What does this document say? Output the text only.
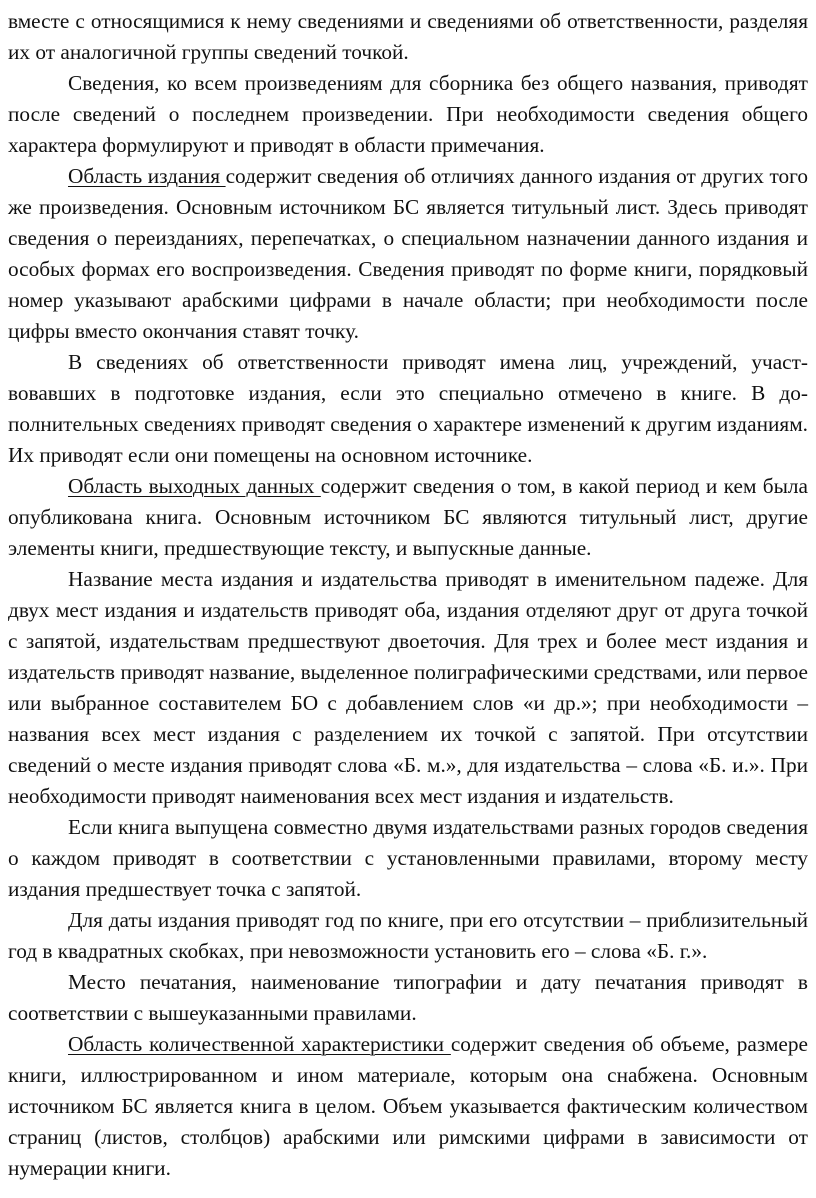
вместе с относящимися к нему сведениями и сведениями об ответственности, разделяя их от аналогичной группы сведений точкой.

Сведения, ко всем произведениям для сборника без общего названия, приводят после сведений о последнем произведении. При необходимости сведения общего характера формулируют и приводят в области примечания.

Область издания содержит сведения об отличиях данного издания от других того же произведения. Основным источником БС является титульный лист. Здесь приводят сведения о переизданиях, перепечатках, о специальном назначении данного издания и особых формах его воспроизведения. Сведения приводят по форме книги, порядковый номер указывают арабскими цифрами в начале области; при необходимости после цифры вместо окончания ставят точку.

В сведениях об ответственности приводят имена лиц, учреждений, участвовавших в подготовке издания, если это специально отмечено в книге. В дополнительных сведениях приводят сведения о характере изменений к другим изданиям. Их приводят если они помещены на основном источнике.

Область выходных данных содержит сведения о том, в какой период и кем была опубликована книга. Основным источником БС являются титульный лист, другие элементы книги, предшествующие тексту, и выпускные данные.

Название места издания и издательства приводят в именительном падеже. Для двух мест издания и издательств приводят оба, издания отделяют друг от друга точкой с запятой, издательствам предшествуют двоеточия. Для трех и более мест издания и издательств приводят название, выделенное полиграфическими средствами, или первое или выбранное составителем БО с добавлением слов «и др.»; при необходимости – названия всех мест издания с разделением их точкой с запятой. При отсутствии сведений о месте издания приводят слова «Б. м.», для издательства – слова «Б. и.». При необходимости приводят наименования всех мест издания и издательств.

Если книга выпущена совместно двумя издательствами разных городов сведения о каждом приводят в соответствии с установленными правилами, второму месту издания предшествует точка с запятой.

Для даты издания приводят год по книге, при его отсутствии – приблизительный год в квадратных скобках, при невозможности установить его – слова «Б. г.».

Место печатания, наименование типографии и дату печатания приводят в соответствии с вышеуказанными правилами.

Область количественной характеристики содержит сведения об объеме, размере книги, иллюстрированном и ином материале, которым она снабжена. Основным источником БС является книга в целом. Объем указывается фактическим количеством страниц (листов, столбцов) арабскими или римскими цифрами в зависимости от нумерации книги.
